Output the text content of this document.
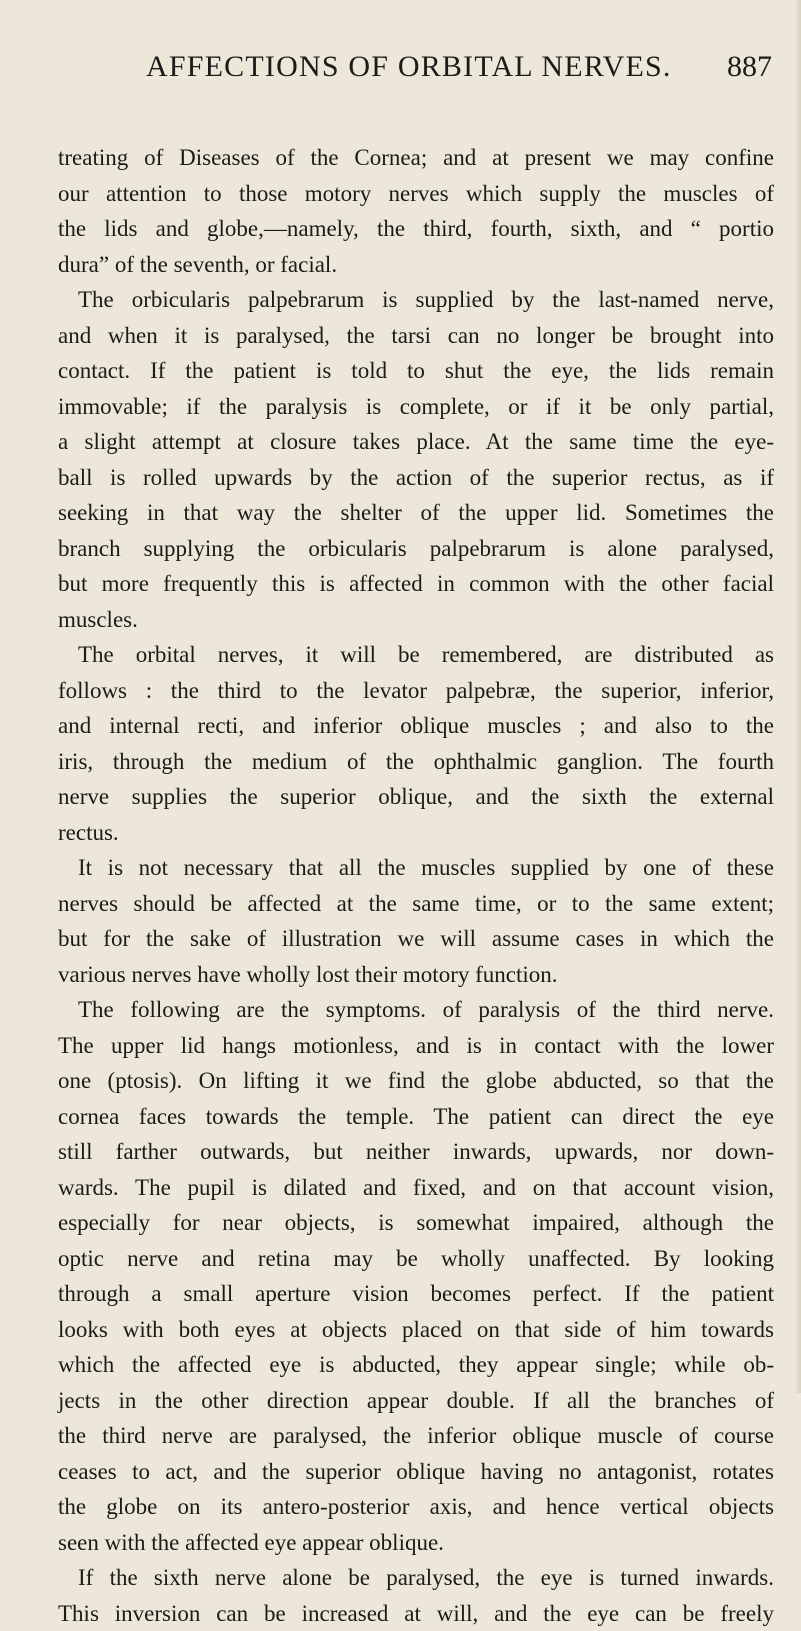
AFFECTIONS OF ORBITAL NERVES. 887
treating of Diseases of the Cornea; and at present we may confine
our attention to those motory nerves which supply the muscles of
the lids and globe,—namely, the third, fourth, sixth, and “ portio
dura” of the seventh, or facial.
The orbicularis palpebrarum is supplied by the last-named nerve,
and when it is paralysed, the tarsi can no longer be brought into
contact. If the patient is told to shut the eye, the lids remain
immovable; if the paralysis is complete, or if it be only partial,
a slight attempt at closure takes place. At the same time the eye-
ball is rolled upwards by the action of the superior rectus, as if
seeking in that way the shelter of the upper lid. Sometimes the
branch supplying the orbicularis palpebrarum is alone paralysed,
but more frequently this is affected in common with the other facial
muscles.
The orbital nerves, it will be remembered, are distributed as
follows : the third to the levator palpebræ, the superior, inferior,
and internal recti, and inferior oblique muscles ; and also to the
iris, through the medium of the ophthalmic ganglion. The fourth
nerve supplies the superior oblique, and the sixth the external
rectus.
It is not necessary that all the muscles supplied by one of these
nerves should be affected at the same time, or to the same extent;
but for the sake of illustration we will assume cases in which the
various nerves have wholly lost their motory function.
The following are the symptoms. of paralysis of the third nerve.
The upper lid hangs motionless, and is in contact with the lower
one (ptosis). On lifting it we find the globe abducted, so that the
cornea faces towards the temple. The patient can direct the eye
still farther outwards, but neither inwards, upwards, nor down-
wards. The pupil is dilated and fixed, and on that account vision,
especially for near objects, is somewhat impaired, although the
optic nerve and retina may be wholly unaffected. By looking
through a small aperture vision becomes perfect. If the patient
looks with both eyes at objects placed on that side of him towards
which the affected eye is abducted, they appear single; while ob-
jects in the other direction appear double. If all the branches of
the third nerve are paralysed, the inferior oblique muscle of course
ceases to act, and the superior oblique having no antagonist, rotates
the globe on its antero-posterior axis, and hence vertical objects
seen with the affected eye appear oblique.
If the sixth nerve alone be paralysed, the eye is turned inwards.
This inversion can be increased at will, and the eye can be freely
